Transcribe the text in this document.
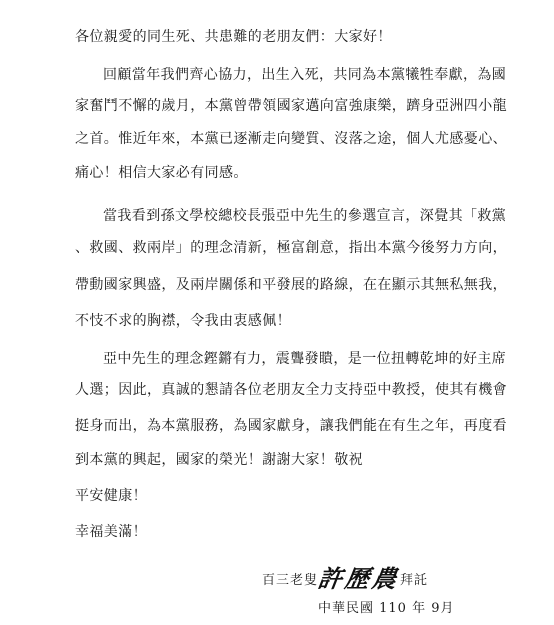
各位親愛的同生死、共患難的老朋友們：大家好！
回顧當年我們齊心協力，出生入死，共同為本黨犧牲奉獻，為國
家奮鬥不懈的歲月，本黨曾帶領國家邁向富強康樂，躋身亞洲四小龍
之首。惟近年來，本黨已逐漸走向變質、沒落之途，個人尤感憂心、
痛心！相信大家必有同感。
當我看到孫文學校總校長張亞中先生的參選宣言，深覺其「救黨
、救國、救兩岸」的理念清新，極富創意，指出本黨今後努力方向，
帶動國家興盛，及兩岸關係和平發展的路線，在在顯示其無私無我，
不忮不求的胸襟，令我由衷感佩！
亞中先生的理念鏗鏘有力，震聾發瞶，是一位扭轉乾坤的好主席
人選；因此，真誠的懇請各位老朋友全力支持亞中教授，使其有機會
挺身而出，為本黨服務，為國家獻身，讓我們能在有生之年，再度看
到本黨的興起，國家的榮光！謝謝大家！敬祝
平安健康！
幸福美滿！
百三老叟
許歷農
拜託
中華民國 110 年 9月
